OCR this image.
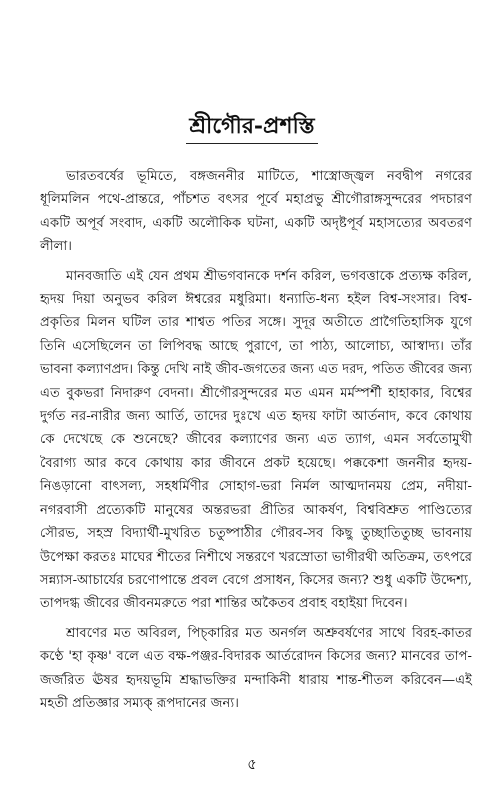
শ্রীগৌর-প্রশস্তি

ভারতবর্ষের ভূমিতে, বঙ্গজননীর মাটিতে, শাস্ত্রোজ্জ্বল নবদ্বীপ নগরের ধূলিমলিন পথে-প্রান্তরে, পাঁচশত বৎসর পূর্বে মহাপ্রভু শ্রীগৌরাঙ্গসুন্দরের পদচারণ একটি অপূর্ব সংবাদ, একটি অলৌকিক ঘটনা, একটি অদৃষ্টপূর্ব মহাসত্যের অবতরণ লীলা।

মানবজাতি এই যেন প্রথম শ্রীভগবানকে দর্শন করিল, ভগবত্তাকে প্রত্যক্ষ করিল, হৃদয় দিয়া অনুভব করিল ঈশ্বরের মধুরিমা। ধন্যাতি-ধন্য হইল বিশ্ব-সংসার। বিশ্ব-প্রকৃতির মিলন ঘটিল তার শাশ্বত পতির সঙ্গে। সুদূর অতীতে প্রাগৈতিহাসিক যুগে তিনি এসেছিলেন তা লিপিবদ্ধ আছে পুরাণে, তা পাঠ্য, আলোচ্য, আস্বাদ্য। তাঁর ভাবনা কল্যাণপ্রদ। কিন্তু দেখি নাই জীব-জগতের জন্য এত দরদ, পতিত জীবের জন্য এত বুকভরা নিদারুণ বেদনা। শ্রীগৌরসুন্দরের মত এমন মর্মস্পর্শী হাহাকার, বিশ্বের দুর্গত নর-নারীর জন্য আর্তি, তাদের দুঃখে এত হৃদয় ফাটা আর্তনাদ, কবে কোথায় কে দেখেছে কে শুনেছে? জীবের কল্যাণের জন্য এত ত্যাগ, এমন সর্বতোমুখী বৈরাগ্য আর কবে কোথায় কার জীবনে প্রকট হয়েছে। পক্ককেশা জননীর হৃদয়-নিঙড়ানো বাৎসল্য, সহধর্মিণীর সোহাগ-ভরা নির্মল আত্মদানময় প্রেম, নদীয়া-নগরবাসী প্রত্যেকটি মানুষের অন্তরভরা প্রীতির আকর্ষণ, বিশ্ববিশ্রুত পাণ্ডিত্যের সৌরভ, সহস্র বিদ্যার্থী-মুখরিত চতুষ্পাঠীর গৌরব-সব কিছু তুচ্ছাতিতুচ্ছ ভাবনায় উপেক্ষা করতঃ মাঘের শীতের নিশীথে সন্তরণে খরস্রোতা ভাগীরথী অতিক্রম, তৎপরে সন্ন্যাস-আচার্যের চরণোপান্তে প্রবল বেগে প্রসাধন, কিসের জন্য? শুধু একটি উদ্দেশ্য, তাপদগ্ধ জীবের জীবনমরুতে পরা শান্তির অকৈতব প্রবাহ বহাইয়া দিবেন।

শ্রাবণের মত অবিরল, পিচ্‌কারির মত অনর্গল অশ্রুবর্ষণের সাথে বিরহ-কাতর কণ্ঠে 'হা কৃষ্ণ' বলে এত বক্ষ-পঞ্জর-বিদারক আর্তরোদন কিসের জন্য? মানবের তাপ-জর্জরিত ঊষর হৃদয়ভূমি শ্রদ্ধাভক্তির মন্দাকিনী ধারায় শান্ত-শীতল করিবেন—এই মহতী প্রতিজ্ঞার সম্যক্ রূপদানের জন্য।

৫
